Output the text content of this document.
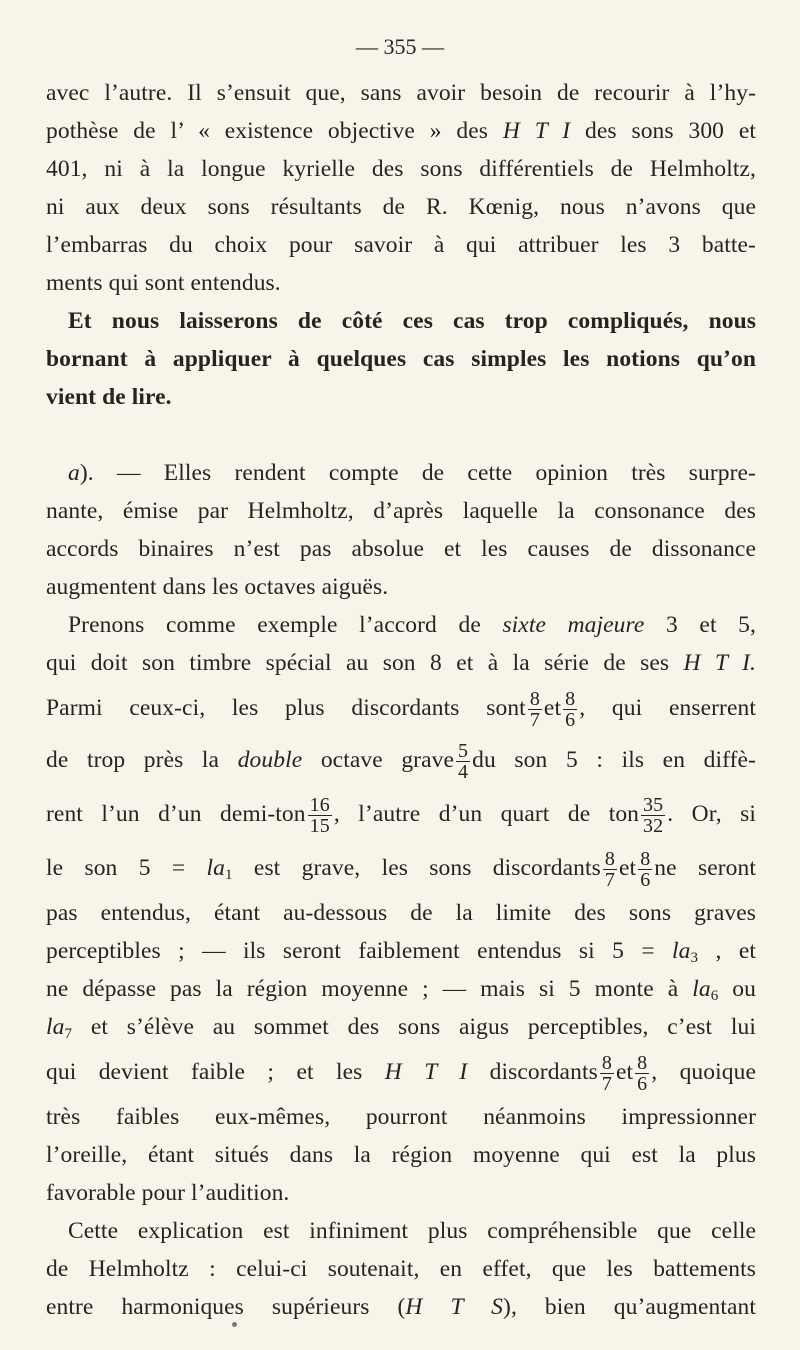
— 355 —
avec l’autre. Il s’ensuit que, sans avoir besoin de recourir à l’hy-
pothèse de l’ « existence objective » des H T I des sons 300 et
401, ni à la longue kyrielle des sons différentiels de Helmholtz,
ni aux deux sons résultants de R. Kœnig, nous n’avons que
l’embarras du choix pour savoir à qui attribuer les 3 batte-
ments qui sont entendus.
Et nous laisserons de côté ces cas trop compliqués, nous
bornant à appliquer à quelques cas simples les notions qu’on
vient de lire.
a). — Elles rendent compte de cette opinion très surpre-
nante, émise par Helmholtz, d’après laquelle la consonance des
accords binaires n’est pas absolue et les causes de dissonance
augmentent dans les octaves aiguës.
Prenons comme exemple l’accord de sixte majeure 3 et 5,
qui doit son timbre spécial au son 8 et à la série de ses H T I.
Parmi ceux-ci, les plus discordants sont $\frac{8}{7}$ et $\frac{8}{6}$ , qui enserrent
de trop près la double octave grave $\frac{5}{4}$ du son 5 : ils en diffè-
rent l’un d’un demi-ton $\frac{16}{15}$ , l’autre d’un quart de ton $\frac{35}{32}$ . Or, si
le son $5 = la_1$ est grave, les sons discordants $\frac{8}{7}$ et $\frac{8}{6}$ ne seront
pas entendus, étant au-dessous de la limite des sons graves
perceptibles ; — ils seront faiblement entendus si $5 = la_3$ , et
ne dépasse pas la région moyenne ; — mais si 5 monte à $la_6$ ou
$la_7$ et s’élève au sommet des sons aigus perceptibles, c’est lui
qui devient faible ; et les H T I discordants $\frac{8}{7}$ et $\frac{8}{6}$ , quoique
très faibles eux-mêmes, pourront néanmoins impressionner
l’oreille, étant situés dans la région moyenne qui est la plus
favorable pour l’audition.
Cette explication est infiniment plus compréhensible que celle
de Helmholtz : celui-ci soutenait, en effet, que les battements
entre harmoniques supérieurs (H T S), bien qu’augmentant
